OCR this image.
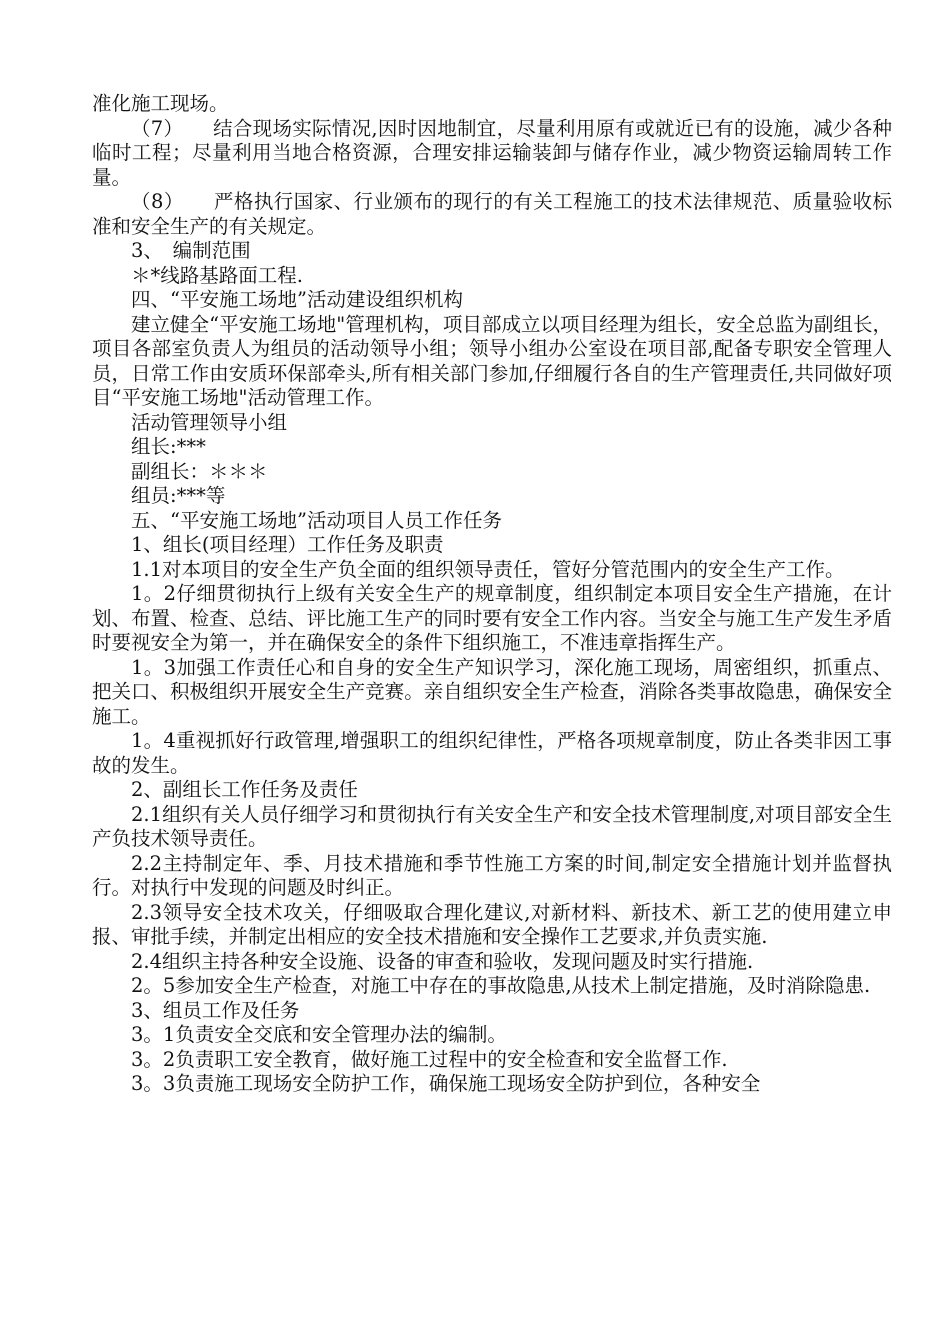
准化施工现场。

（7）　　结合现场实际情况,因时因地制宜，尽量利用原有或就近已有的设施，减少各种临时工程；尽量利用当地合格资源，合理安排运输装卸与储存作业，减少物资运输周转工作量。

（8）　　严格执行国家、行业颁布的现行的有关工程施工的技术法律规范、质量验收标准和安全生产的有关规定。

3、　编制范围

＊*线路基路面工程.

四、“平安施工场地”活动建设组织机构

建立健全“平安施工场地"管理机构，项目部成立以项目经理为组长，安全总监为副组长，项目各部室负责人为组员的活动领导小组；领导小组办公室设在项目部,配备专职安全管理人员，日常工作由安质环保部牵头,所有相关部门参加,仔细履行各自的生产管理责任,共同做好项目“平安施工场地"活动管理工作。

活动管理领导小组

组长:***

副组长：＊＊＊

组员:***等

五、“平安施工场地”活动项目人员工作任务

1、组长(项目经理）工作任务及职责

1.1对本项目的安全生产负全面的组织领导责任，管好分管范围内的安全生产工作。

1。2仔细贯彻执行上级有关安全生产的规章制度，组织制定本项目安全生产措施，在计划、布置、检查、总结、评比施工生产的同时要有安全工作内容。当安全与施工生产发生矛盾时要视安全为第一，并在确保安全的条件下组织施工，不准违章指挥生产。

1。3加强工作责任心和自身的安全生产知识学习，深化施工现场，周密组织，抓重点、把关口、积极组织开展安全生产竞赛。亲自组织安全生产检查，消除各类事故隐患，确保安全施工。

1。4重视抓好行政管理,增强职工的组织纪律性，严格各项规章制度，防止各类非因工事故的发生。

2、副组长工作任务及责任

2.1组织有关人员仔细学习和贯彻执行有关安全生产和安全技术管理制度,对项目部安全生产负技术领导责任。

2.2主持制定年、季、月技术措施和季节性施工方案的时间,制定安全措施计划并监督执行。对执行中发现的问题及时纠正。

2.3领导安全技术攻关，仔细吸取合理化建议,对新材料、新技术、新工艺的使用建立申报、审批手续，并制定出相应的安全技术措施和安全操作工艺要求,并负责实施.

2.4组织主持各种安全设施、设备的审查和验收，发现问题及时实行措施.

2。5参加安全生产检查，对施工中存在的事故隐患,从技术上制定措施，及时消除隐患.

3、组员工作及任务

3。1负责安全交底和安全管理办法的编制。

3。2负责职工安全教育，做好施工过程中的安全检查和安全监督工作.

3。3负责施工现场安全防护工作，确保施工现场安全防护到位，各种安全
